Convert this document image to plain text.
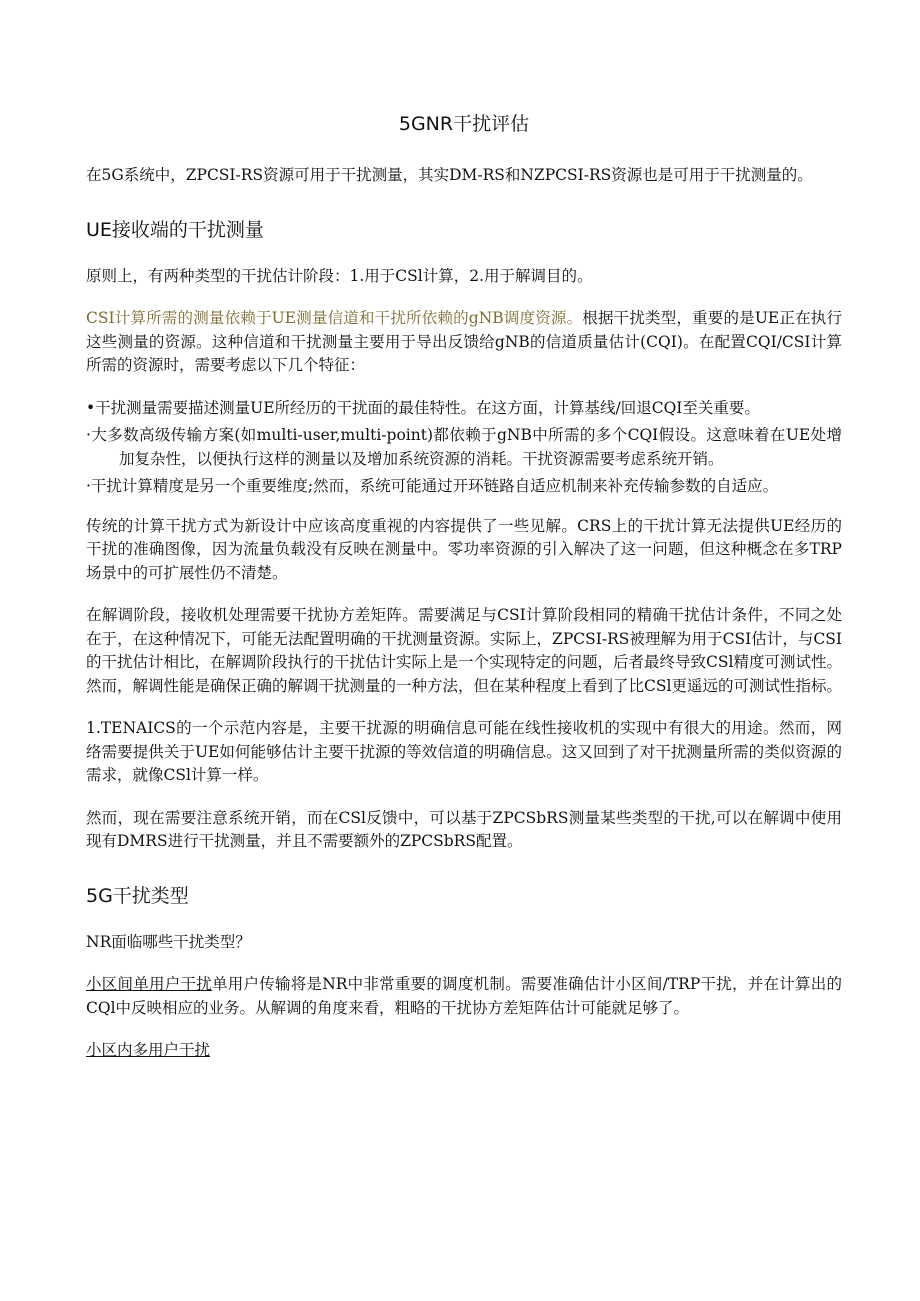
5GNR干扰评估

在5G系统中，ZPCSI-RS资源可用于干扰测量，其实DM-RS和NZPCSI-RS资源也是可用于干扰测量的。

UE接收端的干扰测量

原则上，有两种类型的干扰估计阶段：1.用于CSl计算，2.用于解调目的。

CSI计算所需的测量依赖于UE测量信道和干扰所依赖的gNB调度资源。根据干扰类型，重要的是UE正在执行这些测量的资源。这种信道和干扰测量主要用于导出反馈给gNB的信道质量估计(CQI)。在配置CQI/CSI计算所需的资源时，需要考虑以下几个特征：

•干扰测量需要描述测量UE所经历的干扰面的最佳特性。在这方面，计算基线/回退CQI至关重要。
·大多数高级传输方案(如multi-user,multi-point)都依赖于gNB中所需的多个CQI假设。这意味着在UE处增加复杂性，以便执行这样的测量以及增加系统资源的消耗。干扰资源需要考虑系统开销。
·干扰计算精度是另一个重要维度;然而，系统可能通过开环链路自适应机制来补充传输参数的自适应。

传统的计算干扰方式为新设计中应该高度重视的内容提供了一些见解。CRS上的干扰计算无法提供UE经历的干扰的准确图像，因为流量负载没有反映在测量中。零功率资源的引入解决了这一问题，但这种概念在多TRP场景中的可扩展性仍不清楚。

在解调阶段，接收机处理需要干扰协方差矩阵。需要满足与CSI计算阶段相同的精确干扰估计条件，不同之处在于，在这种情况下，可能无法配置明确的干扰测量资源。实际上，ZPCSI-RS被理解为用于CSI估计，与CSI的干扰估计相比，在解调阶段执行的干扰估计实际上是一个实现特定的问题，后者最终导致CSl精度可测试性。然而，解调性能是确保正确的解调干扰测量的一种方法，但在某种程度上看到了比CSl更遥远的可测试性指标。

1.TENAICS的一个示范内容是，主要干扰源的明确信息可能在线性接收机的实现中有很大的用途。然而，网络需要提供关于UE如何能够估计主要干扰源的等效信道的明确信息。这又回到了对干扰测量所需的类似资源的需求，就像CSl计算一样。

然而，现在需要注意系统开销，而在CSl反馈中，可以基于ZPCSbRS测量某些类型的干扰,可以在解调中使用现有DMRS进行干扰测量，并且不需要额外的ZPCSbRS配置。

5G干扰类型

NR面临哪些干扰类型？

小区间单用户干扰单用户传输将是NR中非常重要的调度机制。需要准确估计小区间/TRP干扰，并在计算出的CQl中反映相应的业务。从解调的角度来看，粗略的干扰协方差矩阵估计可能就足够了。

小区内多用户干扰
